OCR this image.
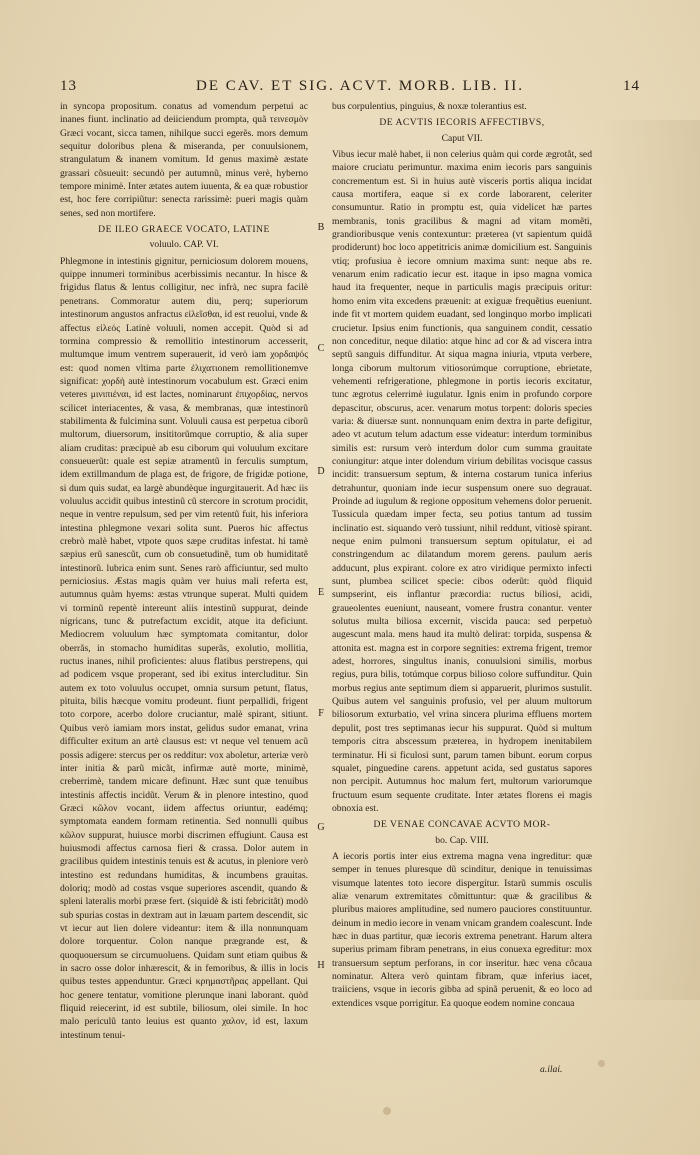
13	DE CAV. ET SIG. ACVT. MORB. LIB. II.	14

in syncopa propositum. conatus ad vomendum perpetui ac inanes fiunt. inclinatio ad deiiciendum prompta, quã τεινεσμὸν Græci vocant, sicca tamen, nihilque succi egerẽs. mors demum sequitur doloribus plena & miseranda, per conuulsionem, strangulatum & inanem vomitum. Id genus maximè æstate grassari cõsueuit: secundò per autumnũ, minus verè, hyberno tempore minimè. Inter ætates autem iuuenta, & ea quæ robustior est, hoc fere corripiũtur: senecta rarissimè: pueri magis quàm senes, sed non mortifere.

DE ILEO GRAECE VOCATO, LATINE
voluulo. CAP. VI.

Phlegmone in intestinis gignitur, perniciosum dolorem mouens, quippe innumeri torminibus acerbissimis necantur. In hisce & frigidus flatus & lentus colligitur, nec infrà, nec supra facilè penetrans. Commoratur autem diu, perq; superiorum intestinorum angustos anfractus εἰλεῖσθαι, id est reuolui, vnde & affectus εἰλεός Latinè voluuli, nomen accepit. Quòd si ad tormina compressio & remollitio intestinorum accesserit, multumque imum ventrem superauerit, id verò iam χορδαψός est: quod nomen vltima parte ἐλιχατιonem remollitionemve significat: χορδὴ autè intestinorum vocabulum est. Græci enim veteres μινιπιέναι, id est lactes, nominarunt ἐπιχορδίας, nervos scilicet interiacentes, & vasa, & membranas, quæ intestinorũ stabilimenta & fulcimina sunt. Voluuli causa est perpetua ciborũ multorum, diuersorum, insititorũmque corruptio, & alia super aliam cruditas: præcipuè ab esu ciborum qui voluulum excitare consueuerũt: quale est sepiæ atramentũ in ferculis sumptum, idem extillmandum de plaga est, de frigore, de frigidæ potione, si dum quis sudat, ea largè abundèque ingurgitauerit. Ad hæc iis voluulus accidit quibus intestinũ cũ stercore in scrotum procidit, neque in ventre repulsum, sed per vim retentũ fuit, his inferiora intestina phlegmone vexari solita sunt. Pueros hic affectus crebrò malè habet, vtpote quos sæpe cruditas infestat. hi tamè sæpius erũ sanescũt, cum ob consuetudinẽ, tum ob humiditatẽ intestinorũ. lubrica enim sunt. Senes rarò afficiuntur, sed multo perniciosius. Æstas magis quàm ver huius mali referta est, autumnus quàm hyems: æstas vtrunque superat. Multi quidem vi torminũ repentè intereunt aliis intestinũ suppurat, deinde nigricans, tunc & putrefactum excidit, atque ita deficiunt. Mediocrem voluulum hæc symptomata comitantur, dolor oberrãs, in stomacho humiditas superãs, exolutio, mollitia, ructus inanes, nihil proficientes: aluus flatibus perstrepens, qui ad podicem vsque properant, sed ibi exitus intercluditur. Sin autem ex toto voluulus occupet, omnia sursum petunt, flatus, pituita, bilis hæcque vomitu prodeunt. fiunt perpallidi, frigent toto corpore, acerbo dolore cruciantur, malè spirant, sitiunt. Quibus verò iamiam mors instat, gelidus sudor emanat, vrina difficulter exitum an artè clausus est: vt neque vel tenuem acũ possis adigere: stercus per os redditur: vox aboletur, arteriæ verò inter initia & parũ micãt, infirmæ autè morte, minimè, creberrimè, tandem micare definunt. Hæc sunt quæ tenuibus intestinis affectis incidũt. Verum & in plenore intestino, quod Græci κῶλον vocant, iidem affectus oriuntur, eadémq; symptomata eandem formam retinentia. Sed nonnulli quibus κῶλον suppurat, huiusce morbi discrimen effugiunt. Causa est huiusmodi affectus carnosa fieri & crassa. Dolor autem in gracilibus quidem intestinis tenuis est & acutus, in pleniore verò intestino est redundans humiditas, & incumbens grauitas. doloriq; modò ad costas vsque superiores ascendit, quando & spleni lateralis morbi præse fert. (siquidè & isti febricitãt) modò sub spurias costas in dextram aut in læuam partem descendit, sic vt iecur aut lien dolere videantur: item & illa nonnunquam dolore torquentur. Colon nanque prægrande est, & quoquouersum se circumuoluens. Quidam sunt etiam quibus & in sacro osse dolor inhærescit, & in femoribus, & illis in locis quibus testes appenduntur. Græci κρημαστῆρας appellant. Qui hoc genere tentatur, vomitione plerunque inani laborant. quòd fliquid reiecerint, id est subtile, biliosum, olei simile. In hoc malo periculũ tanto leuius est quanto χαλον, id est, laxum intestinum tenui-

bus corpulentius, pinguius, & noxæ tolerantius est.

DE ACVTIS IECORIS AFFECTIBVS,
Caput VII.

Vibus iecur malè habet, ii non celerius quàm qui corde ægrotãt, sed maiore cruciatu perimuntur. maxima enim iecoris pars sanguinis concrementum est. Si in huius autè visceris portis aliqua incidat causa mortifera, eaque si ex corde laborarent, celeriter consumuntur. Ratio in promptu est, quia videlicet hæ partes membranis, tonis gracilibus & magni ad vitam momẽti, grandioribusque venis contexuntur: præterea (vt sapientum quidã prodiderunt) hoc loco appetitricis animæ domicilium est. Sanguinis vtiq; profusiua è iecore omnium maxima sunt: neque abs re. venarum enim radicatio iecur est. itaque in ipso magna vomica haud ita frequenter, neque in particulis magis præcipuis oritur: homo enim vita excedens præuenit: at exiguæ frequẽtius eueniunt. inde fit vt mortem quidem euadant, sed longinquo morbo implicati crucietur. Ipsius enim functionis, qua sanguinem condit, cessatio non conceditur, neque dilatio: atque hinc ad cor & ad viscera intra septũ sanguis diffunditur. At siqua magna iniuria, vtputa verbere, longa ciborum multorum vitiosorúmque corruptione, ebrietate, vehementi refrigeratione, phlegmone in portis iecoris excitatur, tunc ægrotus celerrimè iugulatur. Ignis enim in profundo corpore depascitur, obscurus, acer. venarum motus torpent: doloris species varia: & diuersæ sunt. nonnunquam enim dextra in parte defigitur, adeo vt acutum telum adactum esse videatur: interdum torminibus similis est: rursum verò interdum dolor cum summa grauitate coniungitur: atque inter dolendum virium debilitas vocisque cassus incidit: transuersum septum, & interna costarum tunica inferius detrahuntur, quoniam inde iecur suspensum onere suo degrauat. Proinde ad iugulum & regione oppositum vehemens dolor peruenit. Tussicula quædam imper fecta, seu potius tantum ad tussim inclinatio est. siquando verò tussiunt, nihil reddunt, vitiosè spirant. neque enim pulmoni transuersum septum opitulatur, ei ad constringendum ac dilatandum morem gerens. paulum aeris adducunt, plus expirant. colore ex atro viridique permixto infecti sunt, plumbea scilicet specie: cibos oderũt: quòd fliquid sumpserint, eis inflantur præcordia: ructus biliosi, acidi, graueolentes eueniunt, nauseant, vomere frustra conantur. venter solutus multa biliosa excernit, viscida pauca: sed perpetuò augescunt mala. mens haud ita multò delirat: torpida, suspensa & attonita est. magna est in corpore segnities: extrema frigent, tremor adest, horrores, singultus inanis, conuulsioni similis, morbus regius, pura bilis, totúmque corpus bilioso colore suffunditur. Quin morbus regius ante septimum diem si apparuerit, plurimos sustulit. Quibus autem vel sanguinis profusio, vel per aluum multorum biliosorum exturbatio, vel vrina sincera plurima effluens mortem depulit, post tres septimanas iecur his suppurat. Quòd si multum temporis citra abscessum præterea, in hydropem inenitabilem terminatur. Hi si ficulosi sunt, parum tamen bibunt. eorum corpus squalet, pinguedine carens. appetunt acida, sed gustatus sapores non percipit. Autumnus hoc malum fert, multorum variorumque fructuum esum sequente cruditate. Inter ætates florens ei magis obnoxia est.

DE VENAE CONCAVAE ACVTO MOR-
bo. Cap. VIII.

A iecoris portis inter eius extrema magna vena ingreditur: quæ semper in tenues pluresque dũ scinditur, denique in tenuissimas visumque latentes toto iecore dispergitur. Istarũ summis osculis aliæ venarum extremitates cõmittuntur: quæ & gracilibus & pluribus maiores amplitudine, sed numero pauciores constituuntur. deinum in medio iecore in venam vnicam grandem coalescunt. Inde hæc in duas partitur, quæ iecoris extrema penetrant. Harum altera superius primam fibram penetrans, in eius conuexa egreditur: mox transuersum septum perforans, in cor inseritur. hæc vena côcaua nominatur. Altera verò quintam fibram, quæ inferius iacet, traiiciens, vsque in iecoris gibba ad spinã peruenit, & eo loco ad extendices vsque porrigitur. Ea quoque eodem nomine concaua

B
C
D
E
F
G
H
a.ilai.
